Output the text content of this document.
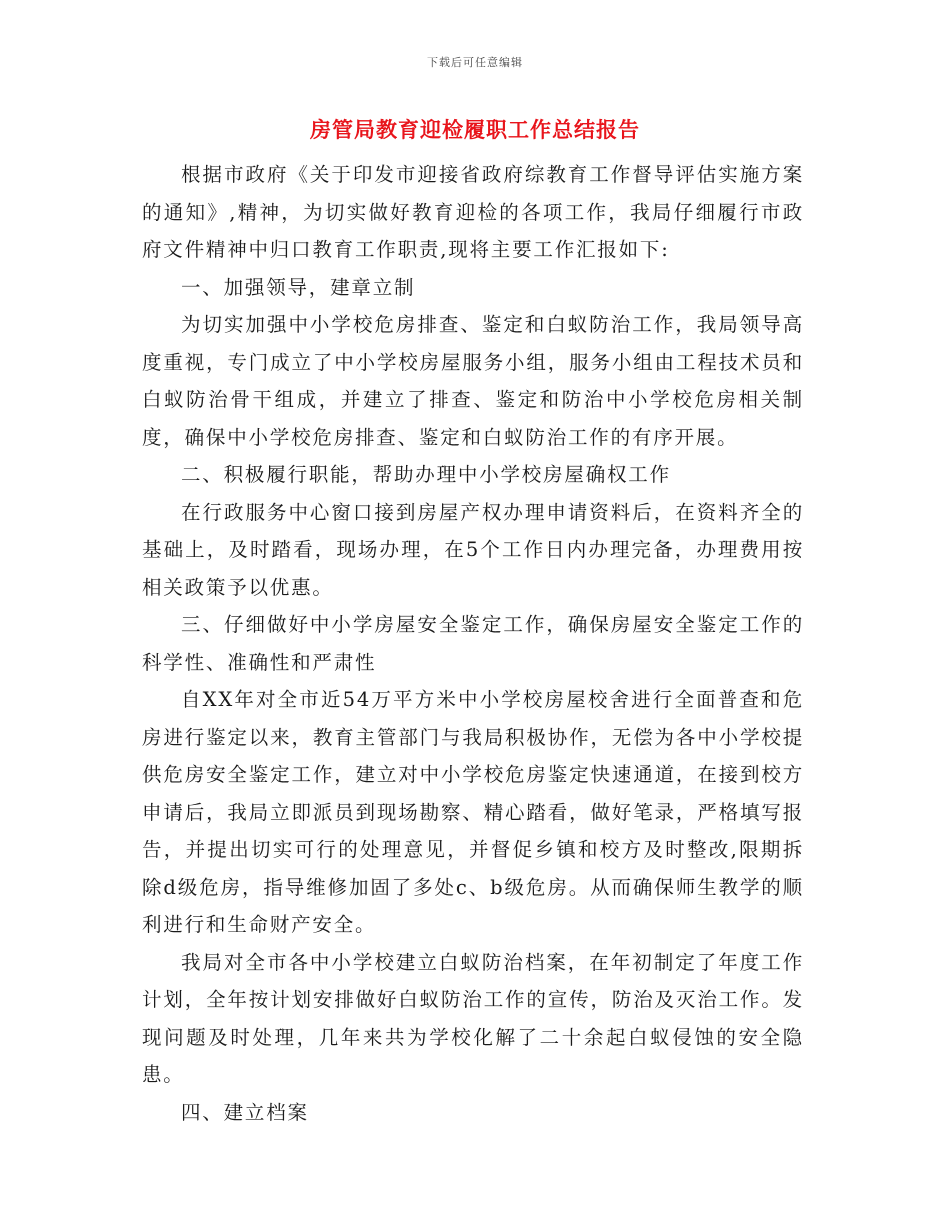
下载后可任意编辑
房管局教育迎检履职工作总结报告

根据市政府《关于印发市迎接省政府综教育工作督导评估实施方案的通知》,精神，为切实做好教育迎检的各项工作，我局仔细履行市政府文件精神中归口教育工作职责,现将主要工作汇报如下:

一、加强领导，建章立制

为切实加强中小学校危房排查、鉴定和白蚁防治工作，我局领导高度重视，专门成立了中小学校房屋服务小组，服务小组由工程技术员和白蚁防治骨干组成，并建立了排查、鉴定和防治中小学校危房相关制度，确保中小学校危房排查、鉴定和白蚁防治工作的有序开展。

二、积极履行职能，帮助办理中小学校房屋确权工作

在行政服务中心窗口接到房屋产权办理申请资料后，在资料齐全的基础上，及时踏看，现场办理，在5个工作日内办理完备，办理费用按相关政策予以优惠。

三、仔细做好中小学房屋安全鉴定工作，确保房屋安全鉴定工作的科学性、准确性和严肃性

自XX年对全市近54万平方米中小学校房屋校舍进行全面普查和危房进行鉴定以来，教育主管部门与我局积极协作，无偿为各中小学校提供危房安全鉴定工作，建立对中小学校危房鉴定快速通道，在接到校方申请后，我局立即派员到现场勘察、精心踏看，做好笔录，严格填写报告，并提出切实可行的处理意见，并督促乡镇和校方及时整改,限期拆除d级危房，指导维修加固了多处c、b级危房。从而确保师生教学的顺利进行和生命财产安全。

我局对全市各中小学校建立白蚁防治档案，在年初制定了年度工作计划，全年按计划安排做好白蚁防治工作的宣传，防治及灭治工作。发现问题及时处理，几年来共为学校化解了二十余起白蚁侵蚀的安全隐患。

四、建立档案
